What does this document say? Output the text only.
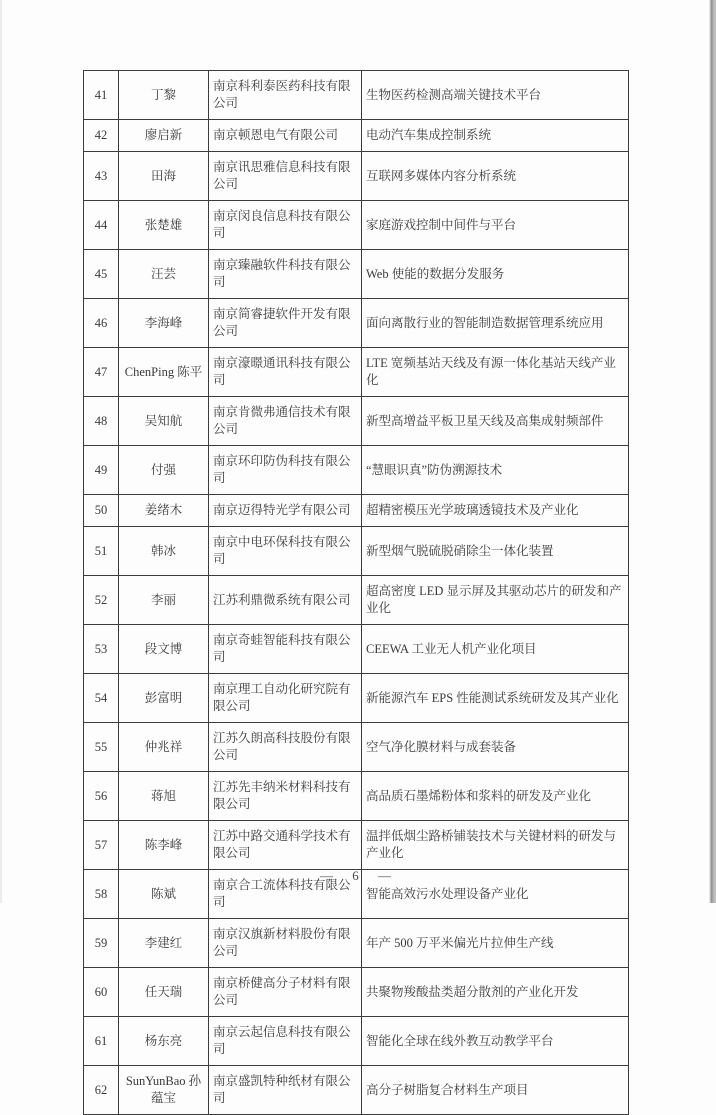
41	丁黎	南京科利泰医药科技有限公司	生物医药检测高端关键技术平台
42	廖启新	南京顿恩电气有限公司	电动汽车集成控制系统
43	田海	南京讯思雅信息科技有限公司	互联网多媒体内容分析系统
44	张楚雄	南京闵良信息科技有限公司	家庭游戏控制中间件与平台
45	汪芸	南京臻融软件科技有限公司	Web 使能的数据分发服务
46	李海峰	南京简睿捷软件开发有限公司	面向离散行业的智能制造数据管理系统应用
47	ChenPing 陈平	南京濠暻通讯科技有限公司	LTE 宽频基站天线及有源一体化基站天线产业化
48	吴知航	南京肯微弗通信技术有限公司	新型高增益平板卫星天线及高集成射频部件
49	付强	南京环印防伪科技有限公司	“慧眼识真”防伪溯源技术
50	姜绪木	南京迈得特光学有限公司	超精密模压光学玻璃透镜技术及产业化
51	韩冰	南京中电环保科技有限公司	新型烟气脱硫脱硝除尘一体化装置
52	李丽	江苏利鼎微系统有限公司	超高密度 LED 显示屏及其驱动芯片的研发和产业化
53	段文博	南京奇蛙智能科技有限公司	CEEWA 工业无人机产业化项目
54	彭富明	南京理工自动化研究院有限公司	新能源汽车 EPS 性能测试系统研发及其产业化
55	仲兆祥	江苏久朗高科技股份有限公司	空气净化膜材料与成套装备
56	蒋旭	江苏先丰纳米材料科技有限公司	高品质石墨烯粉体和浆料的研发及产业化
57	陈李峰	江苏中路交通科学技术有限公司	温拌低烟尘路桥铺装技术与关键材料的研发与产业化
58	陈斌	南京合工流体科技有限公司	智能高效污水处理设备产业化
59	李建红	南京汉旗新材料股份有限公司	年产 500 万平米偏光片拉伸生产线
60	任天瑞	南京桥健高分子材料有限公司	共聚物羧酸盐类超分散剂的产业化开发
61	杨东亮	南京云起信息科技有限公司	智能化全球在线外教互动教学平台
62	SunYunBao 孙蕴宝	南京盛凯特种纸材有限公司	高分子树脂复合材料生产项目
— 6 —
